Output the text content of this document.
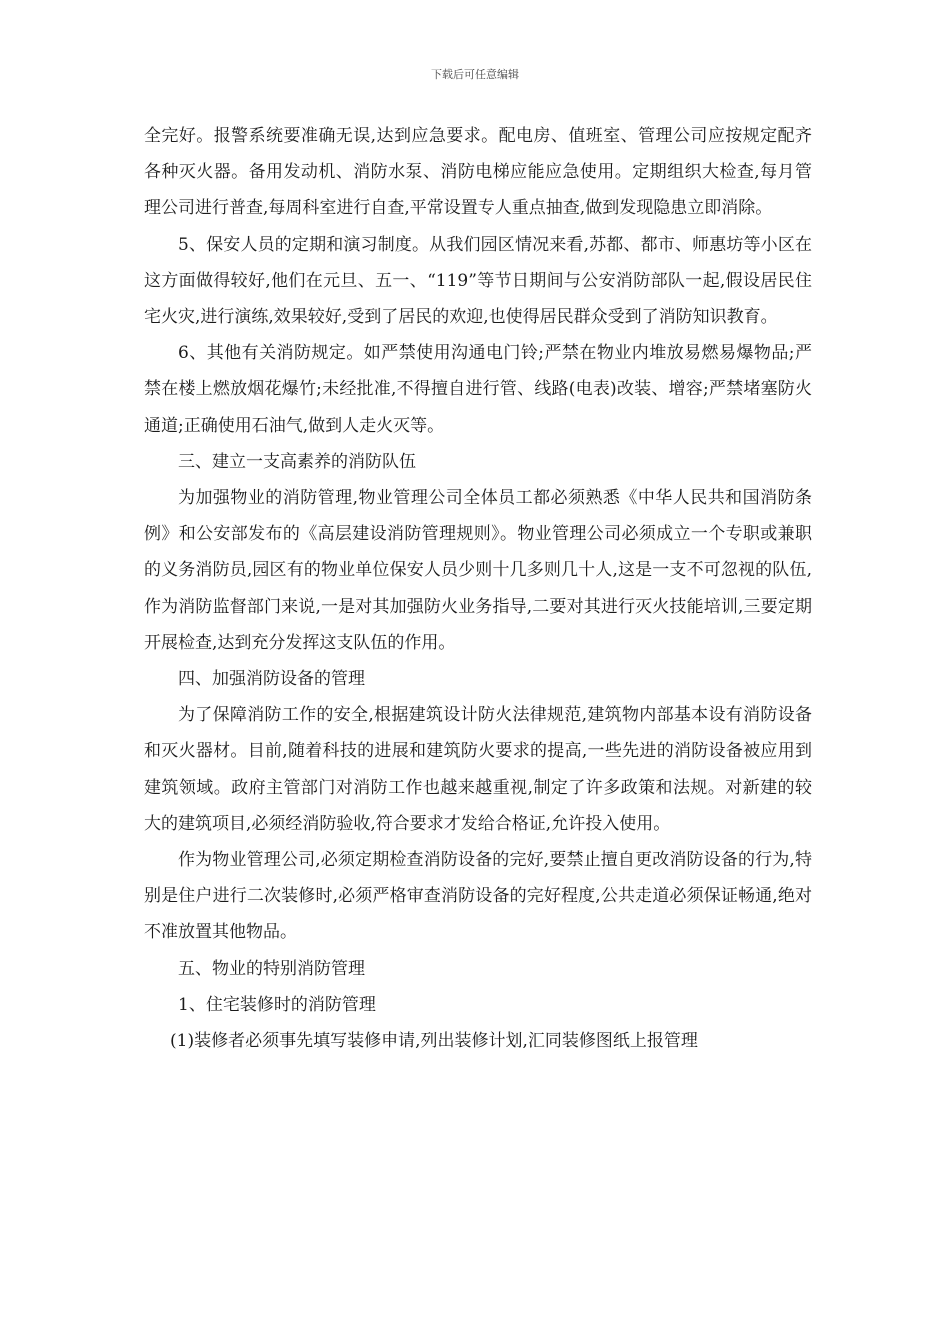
下载后可任意编辑

全完好。报警系统要准确无误,达到应急要求。配电房、值班室、管理公司应按规定配齐各种灭火器。备用发动机、消防水泵、消防电梯应能应急使用。定期组织大检查,每月管理公司进行普查,每周科室进行自查,平常设置专人重点抽查,做到发现隐患立即消除。

5、保安人员的定期和演习制度。从我们园区情况来看,苏都、都市、师惠坊等小区在这方面做得较好,他们在元旦、五一、“119”等节日期间与公安消防部队一起,假设居民住宅火灾,进行演练,效果较好,受到了居民的欢迎,也使得居民群众受到了消防知识教育。

6、其他有关消防规定。如严禁使用沟通电门铃;严禁在物业内堆放易燃易爆物品;严禁在楼上燃放烟花爆竹;未经批准,不得擅自进行管、线路(电表)改装、增容;严禁堵塞防火通道;正确使用石油气,做到人走火灭等。

三、建立一支高素养的消防队伍

为加强物业的消防管理,物业管理公司全体员工都必须熟悉《中华人民共和国消防条例》和公安部发布的《高层建设消防管理规则》。物业管理公司必须成立一个专职或兼职的义务消防员,园区有的物业单位保安人员少则十几多则几十人,这是一支不可忽视的队伍,作为消防监督部门来说,一是对其加强防火业务指导,二要对其进行灭火技能培训,三要定期开展检查,达到充分发挥这支队伍的作用。

四、加强消防设备的管理

为了保障消防工作的安全,根据建筑设计防火法律规范,建筑物内部基本设有消防设备和灭火器材。目前,随着科技的进展和建筑防火要求的提高,一些先进的消防设备被应用到建筑领域。政府主管部门对消防工作也越来越重视,制定了许多政策和法规。对新建的较大的建筑项目,必须经消防验收,符合要求才发给合格证,允许投入使用。

作为物业管理公司,必须定期检查消防设备的完好,要禁止擅自更改消防设备的行为,特别是住户进行二次装修时,必须严格审查消防设备的完好程度,公共走道必须保证畅通,绝对不准放置其他物品。

五、物业的特别消防管理

1、住宅装修时的消防管理

(1)装修者必须事先填写装修申请,列出装修计划,汇同装修图纸上报管理
